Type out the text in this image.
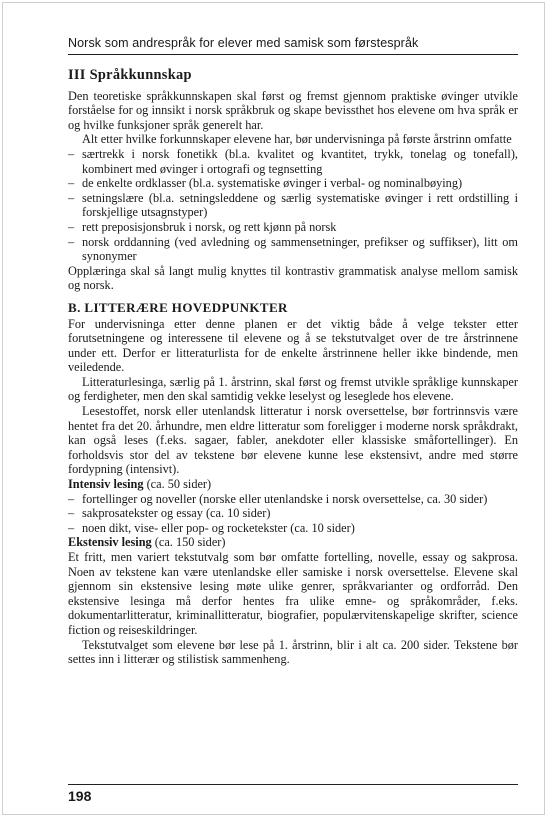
Norsk som andrespråk for elever med samisk som førstespråk
III Språkkunnskap

Den teoretiske språkkunnskapen skal først og fremst gjennom praktiske øvinger utvikle forståelse for og innsikt i norsk språkbruk og skape bevissthet hos elevene om hva språk er og hvilke funksjoner språk generelt har.

Alt etter hvilke forkunnskaper elevene har, bør undervisninga på første årstrinn omfatte

– særtrekk i norsk fonetikk (bl.a. kvalitet og kvantitet, trykk, tonelag og tonefall), kombinert med øvinger i ortografi og tegnsetting
– de enkelte ordklasser (bl.a. systematiske øvinger i verbal- og nominalbøying)
– setningslære (bl.a. setningsleddene og særlig systematiske øvinger i rett ordstilling i forskjellige utsagnstyper)
– rett preposisjonsbruk i norsk, og rett kjønn på norsk
– norsk orddanning (ved avledning og sammensetninger, prefikser og suffikser), litt om synonymer

Opplæringa skal så langt mulig knyttes til kontrastiv grammatisk analyse mellom samisk og norsk.

B. LITTERÆRE HOVEDPUNKTER

For undervisninga etter denne planen er det viktig både å velge tekster etter forutsetningene og interessene til elevene og å se tekstutvalget over de tre årstrinnene under ett. Derfor er litteraturlista for de enkelte årstrinnene heller ikke bindende, men veiledende.

Litteraturlesinga, særlig på 1. årstrinn, skal først og fremst utvikle språklige kunnskaper og ferdigheter, men den skal samtidig vekke leselyst og leseglede hos elevene.

Lesestoffet, norsk eller utenlandsk litteratur i norsk oversettelse, bør fortrinnsvis være hentet fra det 20. århundre, men eldre litteratur som foreligger i moderne norsk språkdrakt, kan også leses (f.eks. sagaer, fabler, anekdoter eller klassiske småfortellinger). En forholdsvis stor del av tekstene bør elevene kunne lese ekstensivt, andre med større fordypning (intensivt).

Intensiv lesing (ca. 50 sider)

– fortellinger og noveller (norske eller utenlandske i norsk oversettelse, ca. 30 sider)
– sakprosatekster og essay (ca. 10 sider)
– noen dikt, vise- eller pop- og rocketekster (ca. 10 sider)

Ekstensiv lesing (ca. 150 sider)

Et fritt, men variert tekstutvalg som bør omfatte fortelling, novelle, essay og sakprosa. Noen av tekstene kan være utenlandske eller samiske i norsk oversettelse. Elevene skal gjennom sin ekstensive lesing møte ulike genrer, språkvarianter og ordforråd. Den ekstensive lesinga må derfor hentes fra ulike emne- og språkområder, f.eks. dokumentarlitteratur, kriminallitteratur, biografier, populærvitenskapelige skrifter, science fiction og reiseskildringer.

Tekstutvalget som elevene bør lese på 1. årstrinn, blir i alt ca. 200 sider. Tekstene bør settes inn i litterær og stilistisk sammenheng.

198
